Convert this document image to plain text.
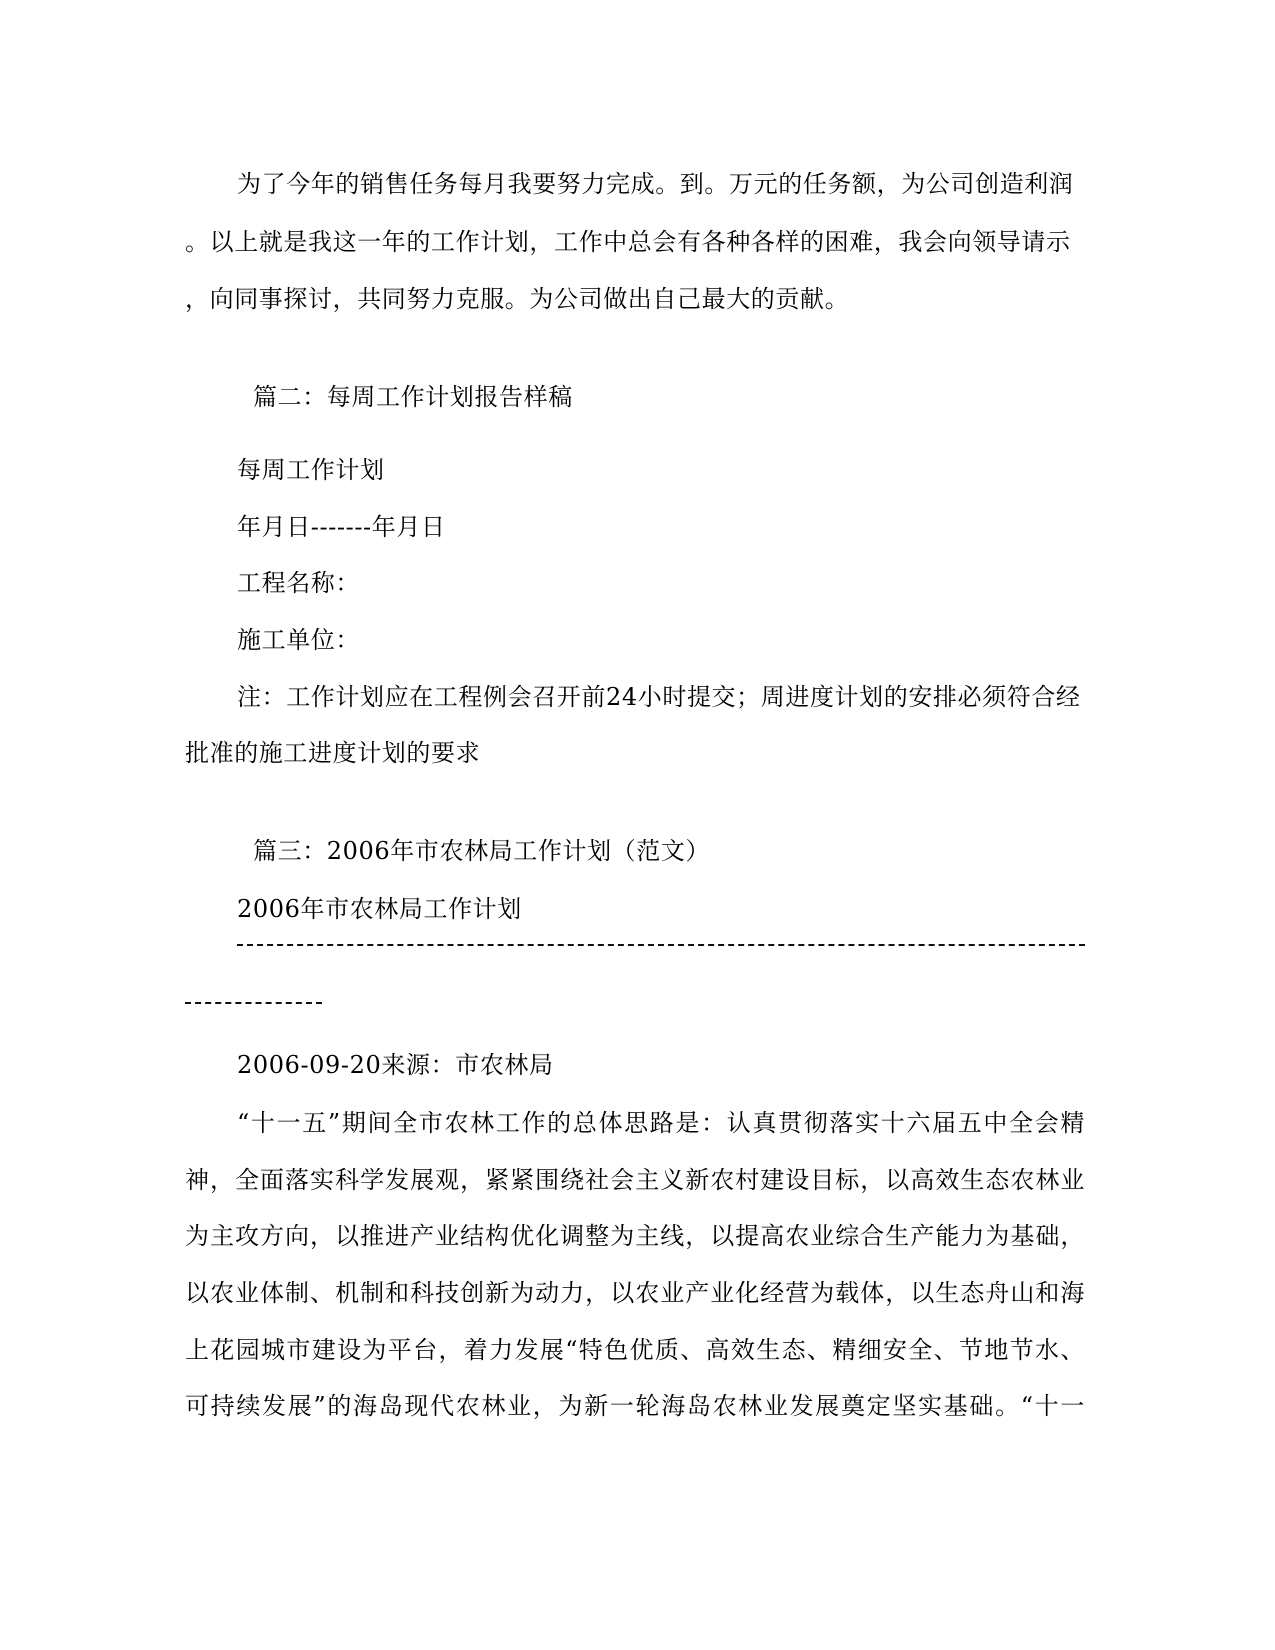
为了今年的销售任务每月我要努力完成。到。万元的任务额，为公司创造利润
。以上就是我这一年的工作计划，工作中总会有各种各样的困难，我会向领导请示
，向同事探讨，共同努力克服。为公司做出自己最大的贡献。
篇二：每周工作计划报告样稿
每周工作计划
年月日-------年月日
工程名称：
施工单位：
注：工作计划应在工程例会召开前24小时提交；周进度计划的安排必须符合经
批准的施工进度计划的要求
篇三：2006年市农林局工作计划（范文）
2006年市农林局工作计划
2006-09-20来源：市农林局
“十一五”期间全市农林工作的总体思路是：认真贯彻落实十六届五中全会精
神，全面落实科学发展观，紧紧围绕社会主义新农村建设目标，以高效生态农林业
为主攻方向，以推进产业结构优化调整为主线，以提高农业综合生产能力为基础，
以农业体制、机制和科技创新为动力，以农业产业化经营为载体，以生态舟山和海
上花园城市建设为平台，着力发展“特色优质、高效生态、精细安全、节地节水、
可持续发展”的海岛现代农林业，为新一轮海岛农林业发展奠定坚实基础。“十一
